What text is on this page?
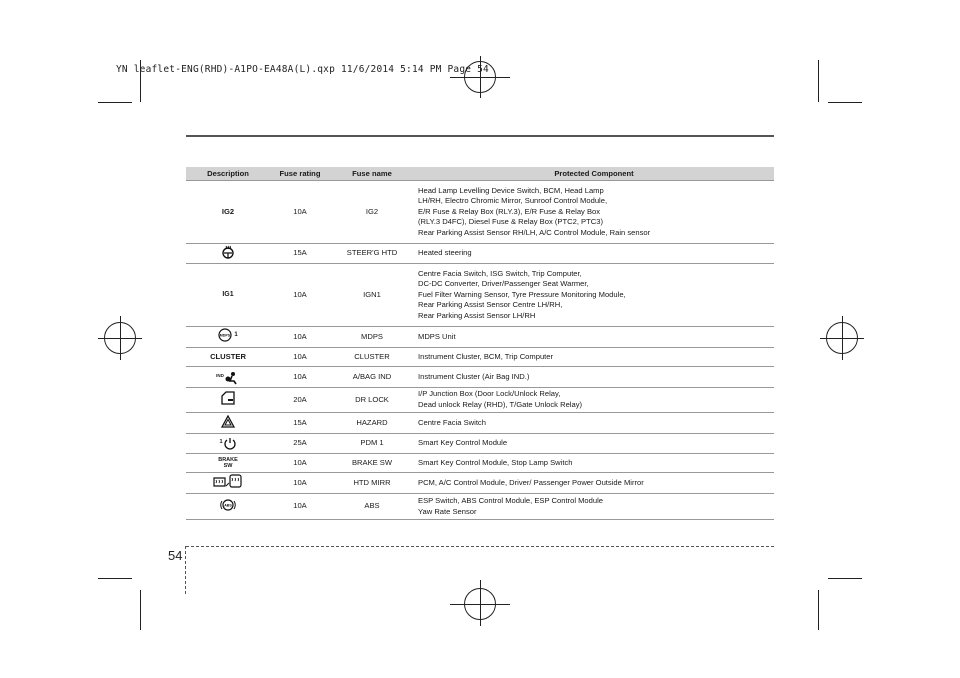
YN leaflet-ENG(RHD)-A1PO-EA48A(L).qxp 11/6/2014 5:14 PM Page 54
Description	Fuse rating	Fuse name	Protected Component
IG2	10A	IG2	Head Lamp Levelling Device Switch, BCM, Head Lamp
LH/RH, Electro Chromic Mirror, Sunroof Control Module,
E/R Fuse & Relay Box (RLY.3), E/R Fuse & Relay Box
(RLY.3 D4FC), Diesel Fuse & Relay Box (PTC2, PTC3)
Rear Parking Assist Sensor RH/LH, A/C Control Module, Rain sensor

	15A	STEER'G HTD	Heated steering
IG1	10A	IGN1	Centre Facia Switch, ISG Switch, Trip Computer,
DC-DC Converter, Driver/Passenger Seat Warmer,
Fuel Filter Warning Sensor, Tyre Pressure Monitoring Module,
Rear Parking Assist Sensor Centre LH/RH,
Rear Parking Assist Sensor LH/RH

MDPS 1	10A	MDPS	MDPS Unit
CLUSTER	10A	CLUSTER	Instrument Cluster, BCM, Trip Computer

IND	10A	A/BAG IND	Instrument Cluster (Air Bag IND.)
	20A	DR LOCK	I/P Junction Box (Door Lock/Unlock Relay,
Dead unlock Relay (RHD), T/Gate Unlock Relay)

	15A	HAZARD	Centre Facia Switch

1	25A	PDM 1	Smart Key Control Module

BRAKE
SW	10A	BRAKE SW	Smart Key Control Module, Stop Lamp Switch
	10A	HTD MIRR	PCM, A/C Control Module, Driver/ Passenger Power Outside Mirror

ABS	10A	ABS	ESP Switch, ABS Control Module, ESP Control Module
Yaw Rate Sensor
54
